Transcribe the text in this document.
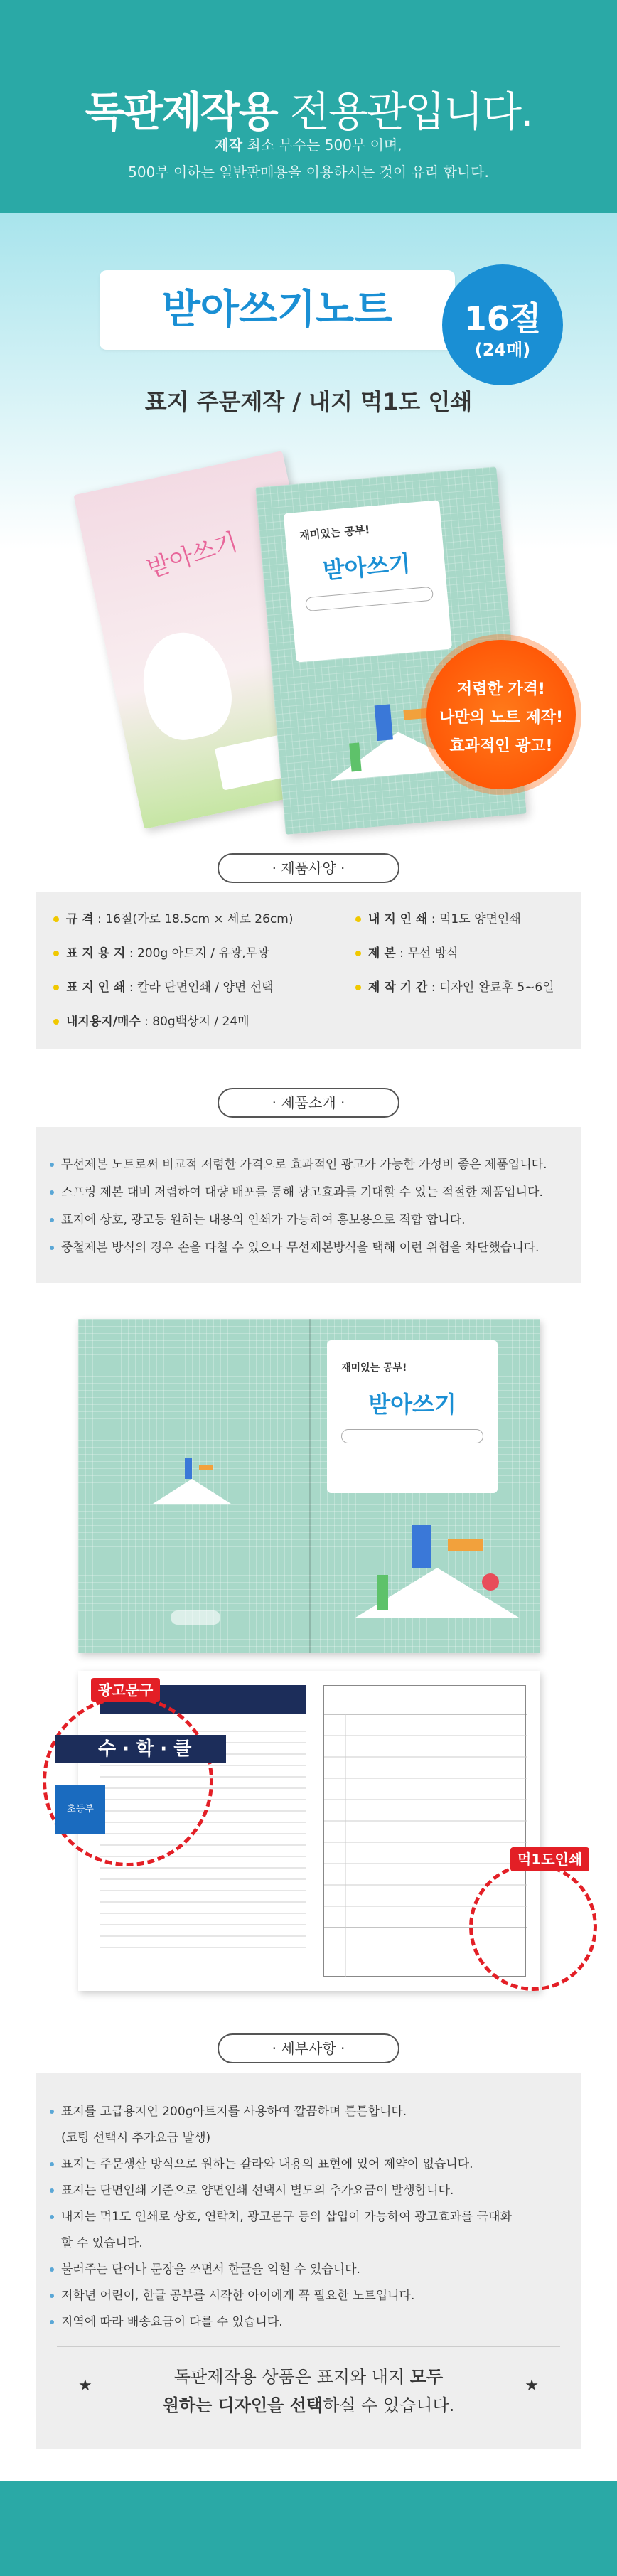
독판제작용 전용관입니다.

제작 최소 부수는 500부 이며,

500부 이하는 일반판매용을 이용하시는 것이 유리 합니다.

받아쓰기노트	16절
(24매)
표지 주문제작 / 내지 먹1도 인쇄
받아쓰기	재미있는 공부!
받아쓰기
저렴한 가격!
나만의 노트 제작!
효과적인 광고!
· 제품사양 ·
규 격 : 16절(가로 18.5cm × 세로 26cm)	내 지 인 쇄 : 먹1도 양면인쇄
표 지 용 지 : 200g 아트지 / 유광,무광	제 본 : 무선 방식
표 지 인 쇄 : 칼라 단면인쇄 / 양면 선택	제 작 기 간 : 디자인 완료후 5~6일
내지용지/매수 : 80g백상지 / 24매
· 제품소개 ·
무선제본 노트로써 비교적 저렴한 가격으로 효과적인 광고가 가능한 가성비 좋은 제품입니다.
스프링 제본 대비 저렴하여 대량 배포를 통해 광고효과를 기대할 수 있는 적절한 제품입니다.
표지에 상호, 광고등 원하는 내용의 인쇄가 가능하여 홍보용으로 적합 합니다.
중철제본 방식의 경우 손을 다칠 수 있으나 무선제본방식을 택해 이런 위험을 차단했습니다.
재미있는 공부!
받아쓰기
수 · 학 · 클
초등부
광고문구
먹1도인쇄
· 세부사항 ·
표지를 고급용지인 200g아트지를 사용하여 깔끔하며 튼튼합니다.
(코팅 선택시 추가요금 발생)
표지는 주문생산 방식으로 원하는 칼라와 내용의 표현에 있어 제약이 없습니다.
표지는 단면인쇄 기준으로 양면인쇄 선택시 별도의 추가요금이 발생합니다.
내지는 먹1도 인쇄로 상호, 연락처, 광고문구 등의 삽입이 가능하여 광고효과를 극대화
할 수 있습니다.
불러주는 단어나 문장을 쓰면서 한글을 익힐 수 있습니다.
저학년 어린이, 한글 공부를 시작한 아이에게 꼭 필요한 노트입니다.
지역에 따라 배송요금이 다를 수 있습니다.
★	독판제작용 상품은 표지와 내지 모두
원하는 디자인을 선택하실 수 있습니다.
★
